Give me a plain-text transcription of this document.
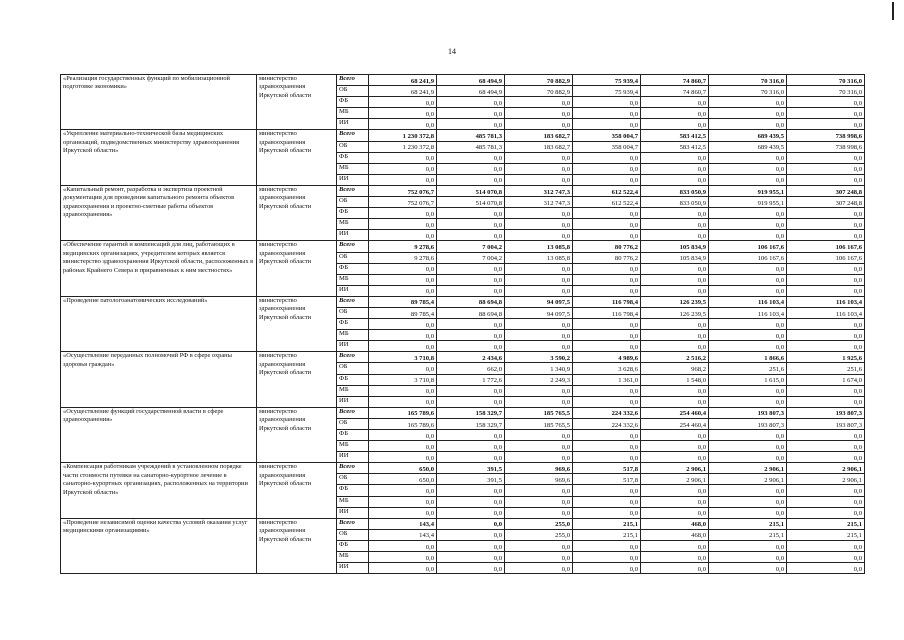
14
«Реализация государственных функций по мобилизационной подготовке экономики»	министерство здравоохранения Иркутской области	Всего	68 241,9	68 494,9	70 882,9	75 939,4	74 860,7	70 316,0	70 316,0
		ОБ	68 241,9	68 494,9	70 882,9	75 939,4	74 860,7	70 316,0	70 316,0
		ФБ	0,0	0,0	0,0	0,0	0,0	0,0	0,0
		МБ	0,0	0,0	0,0	0,0	0,0	0,0	0,0
		ИИ	0,0	0,0	0,0	0,0	0,0	0,0	0,0
«Укрепление материально-технической базы медицинских организаций, подведомственных министерству здравоохранения Иркутской области»	министерство здравоохранения Иркутской области	Всего	1 230 372,8	485 781,3	183 682,7	358 004,7	583 412,5	689 439,5	738 998,6
		ОБ	1 230 372,8	485 781,3	183 682,7	358 004,7	583 412,5	689 439,5	738 998,6
		ФБ	0,0	0,0	0,0	0,0	0,0	0,0	0,0
		МБ	0,0	0,0	0,0	0,0	0,0	0,0	0,0
		ИИ	0,0	0,0	0,0	0,0	0,0	0,0	0,0
«Капитальный ремонт, разработка и экспертиза проектной документации для проведения капитального ремонта объектов здравоохранения и проектно-сметные работы объектов здравоохранения»	министерство здравоохранения Иркутской области	Всего	752 076,7	514 070,8	312 747,3	612 522,4	833 050,9	919 955,1	307 248,8
		ОБ	752 076,7	514 070,8	312 747,3	612 522,4	833 050,9	919 955,1	307 248,8
		ФБ	0,0	0,0	0,0	0,0	0,0	0,0	0,0
		МБ	0,0	0,0	0,0	0,0	0,0	0,0	0,0
		ИИ	0,0	0,0	0,0	0,0	0,0	0,0	0,0
«Обеспечение гарантий и компенсаций для лиц, работающих в медицинских организациях, учредителем которых является министерство здравоохранения Иркутской области, расположенных в районах Крайнего Севера и приравненных к ним местностях»	министерство здравоохранения Иркутской области	Всего	9 278,6	7 004,2	13 085,8	80 776,2	105 834,9	106 167,6	106 167,6
		ОБ	9 278,6	7 004,2	13 085,8	80 776,2	105 834,9	106 167,6	106 167,6
		ФБ	0,0	0,0	0,0	0,0	0,0	0,0	0,0
		МБ	0,0	0,0	0,0	0,0	0,0	0,0	0,0
		ИИ	0,0	0,0	0,0	0,0	0,0	0,0	0,0
«Проведение патологоанатомических исследований»	министерство здравоохранения Иркутской области	Всего	89 785,4	88 694,8	94 097,5	116 798,4	126 239,5	116 103,4	116 103,4
		ОБ	89 785,4	88 694,8	94 097,5	116 798,4	126 239,5	116 103,4	116 103,4
		ФБ	0,0	0,0	0,0	0,0	0,0	0,0	0,0
		МБ	0,0	0,0	0,0	0,0	0,0	0,0	0,0
		ИИ	0,0	0,0	0,0	0,0	0,0	0,0	0,0
«Осуществление переданных полномочий РФ в сфере охраны здоровья граждан»	министерство здравоохранения Иркутской области	Всего	3 710,8	2 434,6	3 590,2	4 989,6	2 516,2	1 866,6	1 925,6
		ОБ	0,0	662,0	1 340,9	3 628,6	968,2	251,6	251,6
		ФБ	3 710,8	1 772,6	2 249,3	1 361,0	1 548,0	1 615,0	1 674,0
		МБ	0,0	0,0	0,0	0,0	0,0	0,0	0,0
		ИИ	0,0	0,0	0,0	0,0	0,0	0,0	0,0
«Осуществление функций государственной власти в сфере здравоохранения»	министерство здравоохранения Иркутской области	Всего	165 789,6	158 329,7	185 765,5	224 332,6	254 460,4	193 807,3	193 807,3
		ОБ	165 789,6	158 329,7	185 765,5	224 332,6	254 460,4	193 807,3	193 807,3
		ФБ	0,0	0,0	0,0	0,0	0,0	0,0	0,0
		МБ	0,0	0,0	0,0	0,0	0,0	0,0	0,0
		ИИ	0,0	0,0	0,0	0,0	0,0	0,0	0,0
«Компенсация работникам учреждений в установленном порядке части стоимости путевки на санаторно-курортное лечение в санаторно-курортных организациях, расположенных на территории Иркутской области»	министерство здравоохранения Иркутской области	Всего	650,0	391,5	969,6	517,8	2 906,1	2 906,1	2 906,1
		ОБ	650,0	391,5	969,6	517,8	2 906,1	2 906,1	2 906,1
		ФБ	0,0	0,0	0,0	0,0	0,0	0,0	0,0
		МБ	0,0	0,0	0,0	0,0	0,0	0,0	0,0
		ИИ	0,0	0,0	0,0	0,0	0,0	0,0	0,0
«Проведение независимой оценки качества условий оказания услуг медицинскими организациями»	министерство здравоохранения Иркутской области	Всего	143,4	0,0	255,0	215,1	468,0	215,1	215,1
		ОБ	143,4	0,0	255,0	215,1	468,0	215,1	215,1
		ФБ	0,0	0,0	0,0	0,0	0,0	0,0	0,0
		МБ	0,0	0,0	0,0	0,0	0,0	0,0	0,0
		ИИ	0,0	0,0	0,0	0,0	0,0	0,0	0,0
